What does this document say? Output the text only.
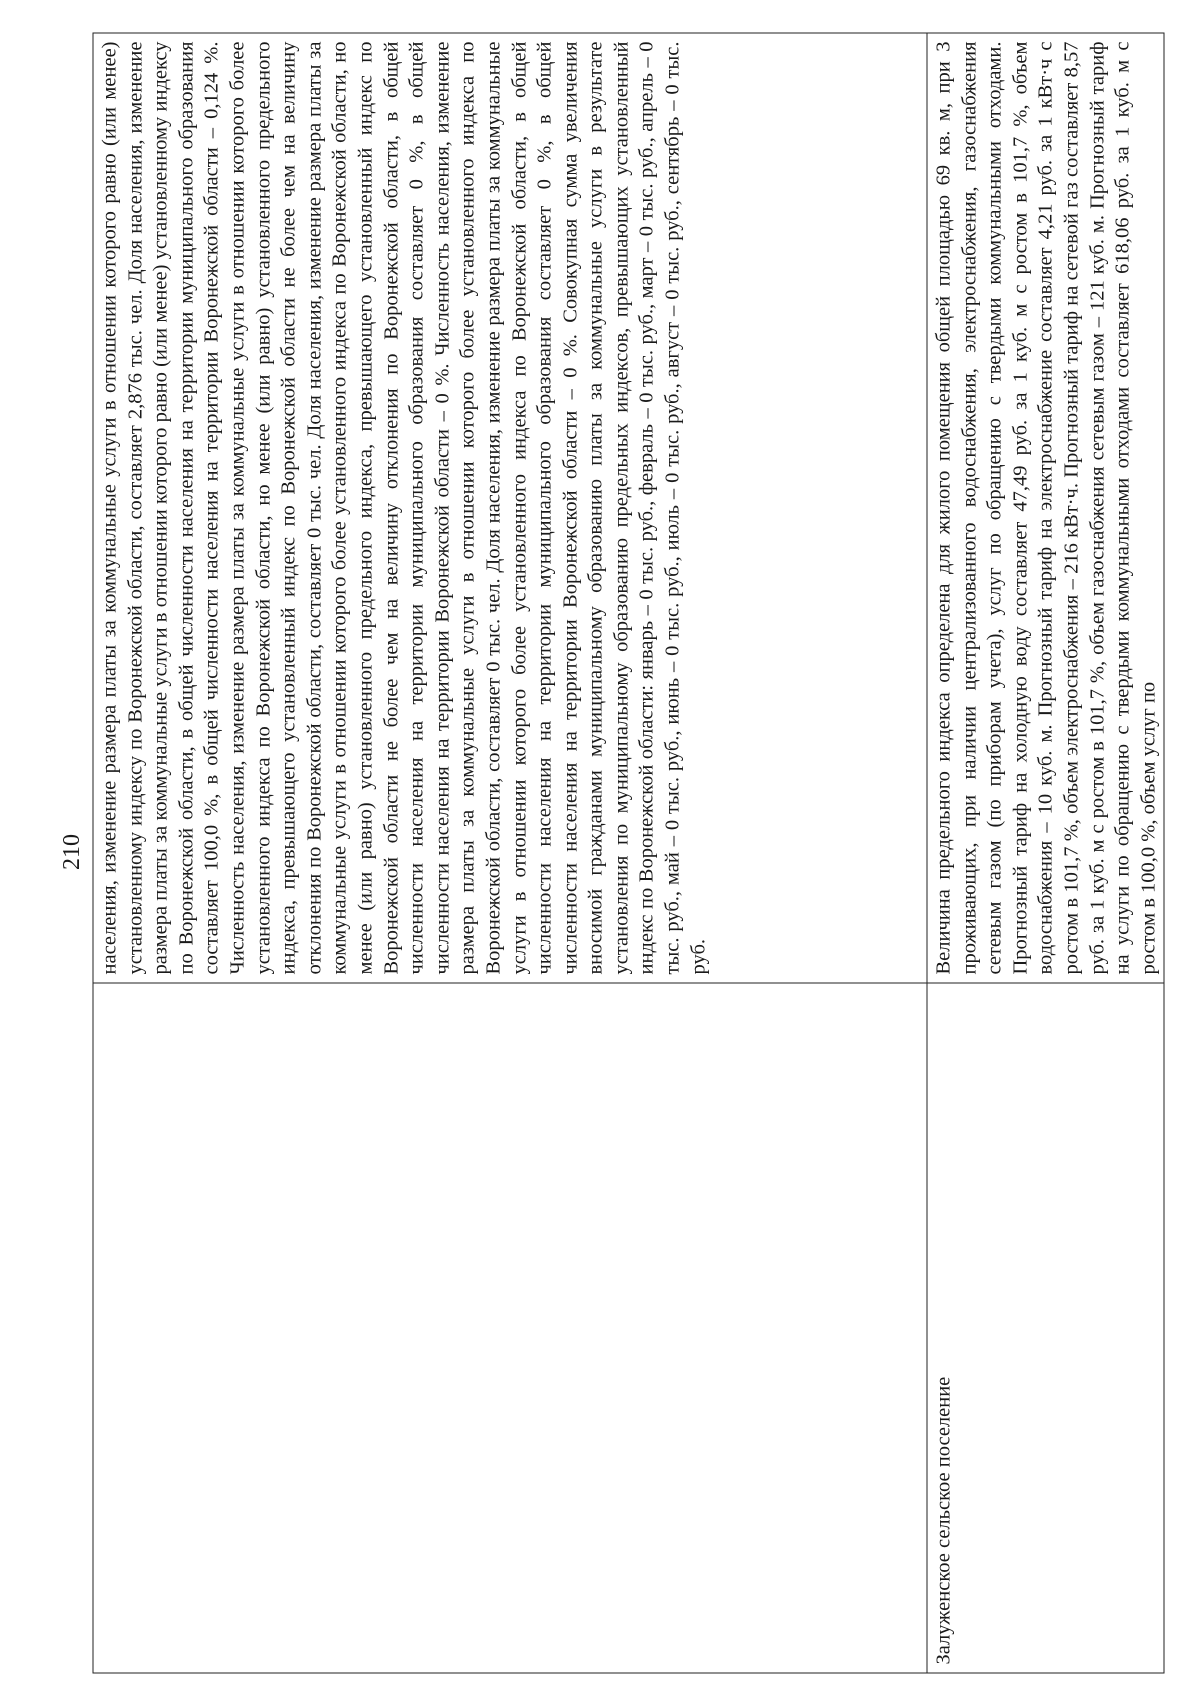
210
	населения, изменение размера платы за коммунальные услуги в отношении которого равно (или менее) установленному индексу по Воронежской области, составляет 2,876 тыс. чел. Доля населения, изменение размера платы за коммунальные услуги в отношении которого равно (или менее) установленному индексу по Воронежской области, в общей численности населения на территории муниципального образования составляет 100,0 %, в общей численности населения на территории Воронежской области – 0,124 %. Численность населения, изменение размера платы за коммунальные услуги в отношении которого более установленного индекса по Воронежской области, но менее (или равно) установленного предельного индекса, превышающего установленный индекс по Воронежской области не более чем на величину отклонения по Воронежской области, составляет 0 тыс. чел. Доля населения, изменение размера платы за коммунальные услуги в отношении которого более установленного индекса по Воронежской области, но менее (или равно) установленного предельного индекса, превышающего установленный индекс по Воронежской области не более чем на величину отклонения по Воронежской области, в общей численности населения на территории муниципального образования составляет 0 %, в общей численности населения на территории Воронежской области – 0 %. Численность населения, изменение размера платы за коммунальные услуги в отношении которого более установленного индекса по Воронежской области, составляет 0 тыс. чел. Доля населения, изменение размера платы за коммунальные услуги в отношении которого более установленного индекса по Воронежской области, в общей численности населения на территории муниципального образования составляет 0 %, в общей численности населения на территории Воронежской области – 0 %. Совокупная сумма увеличения вносимой гражданами муниципальному образованию платы за коммунальные услуги в результате установления по муниципальному образованию предельных индексов, превышающих установленный индекс по Воронежской области: январь – 0 тыс. руб., февраль – 0 тыс. руб., март – 0 тыс. руб., апрель – 0 тыс. руб., май – 0 тыс. руб., июнь – 0 тыс. руб., июль – 0 тыс. руб., август – 0 тыс. руб., сентябрь – 0 тыс. руб.
Залуженское сельское поселение	Величина предельного индекса определена для жилого помещения общей площадью 69 кв. м, при 3 проживающих, при наличии централизованного водоснабжения, электроснабжения, газоснабжения сетевым газом (по приборам учета), услуг по обращению с твердыми коммунальными отходами. Прогнозный тариф на холодную воду составляет 47,49 руб. за 1 куб. м с ростом в 101,7 %, объем водоснабжения – 10 куб. м. Прогнозный тариф на электроснабжение составляет 4,21 руб. за 1 кВт·ч с ростом в 101,7 %, объем электроснабжения – 216 кВт·ч. Прогнозный тариф на сетевой газ составляет 8,57 руб. за 1 куб. м с ростом в 101,7 %, объем газоснабжения сетевым газом – 121 куб. м. Прогнозный тариф на услуги по обращению с твердыми коммунальными отходами составляет 618,06 руб. за 1 куб. м с ростом в 100,0 %, объем услуг по
